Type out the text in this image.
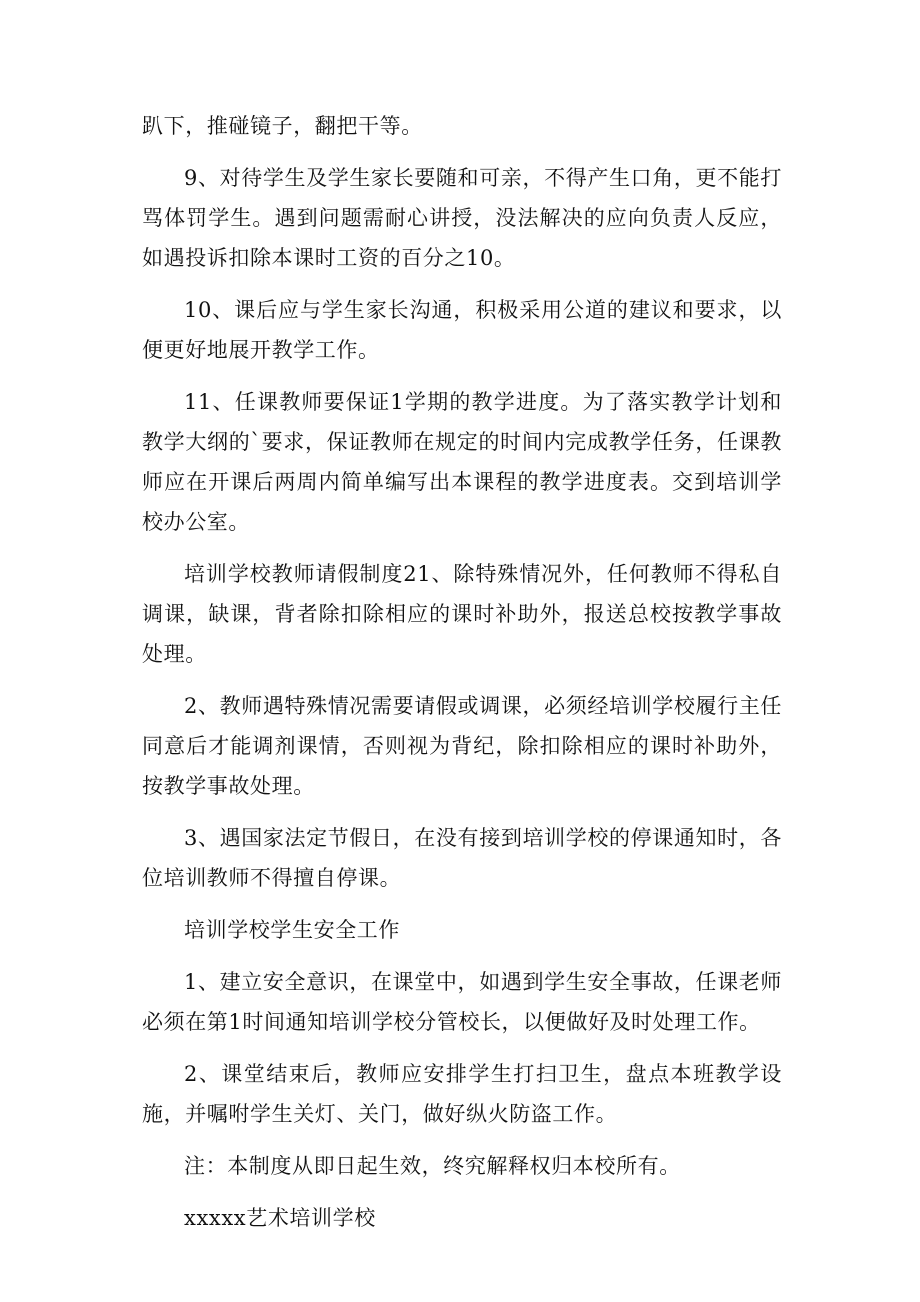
趴下，推碰镜子，翻把干等。

9、对待学生及学生家长要随和可亲，不得产生口角，更不能打骂体罚学生。遇到问题需耐心讲授，没法解决的应向负责人反应，如遇投诉扣除本课时工资的百分之10。

10、课后应与学生家长沟通，积极采用公道的建议和要求，以便更好地展开教学工作。

11、任课教师要保证1学期的教学进度。为了落实教学计划和教学大纲的`要求，保证教师在规定的时间内完成教学任务，任课教师应在开课后两周内简单编写出本课程的教学进度表。交到培训学校办公室。

培训学校教师请假制度21、除特殊情况外，任何教师不得私自调课，缺课，背者除扣除相应的课时补助外，报送总校按教学事故处理。

2、教师遇特殊情况需要请假或调课，必须经培训学校履行主任同意后才能调剂课情，否则视为背纪，除扣除相应的课时补助外，按教学事故处理。

3、遇国家法定节假日，在没有接到培训学校的停课通知时，各位培训教师不得擅自停课。

培训学校学生安全工作

1、建立安全意识，在课堂中，如遇到学生安全事故，任课老师必须在第1时间通知培训学校分管校长，以便做好及时处理工作。

2、课堂结束后，教师应安排学生打扫卫生，盘点本班教学设施，并嘱咐学生关灯、关门，做好纵火防盗工作。

注：本制度从即日起生效，终究解释权归本校所有。

xxxxx艺术培训学校
